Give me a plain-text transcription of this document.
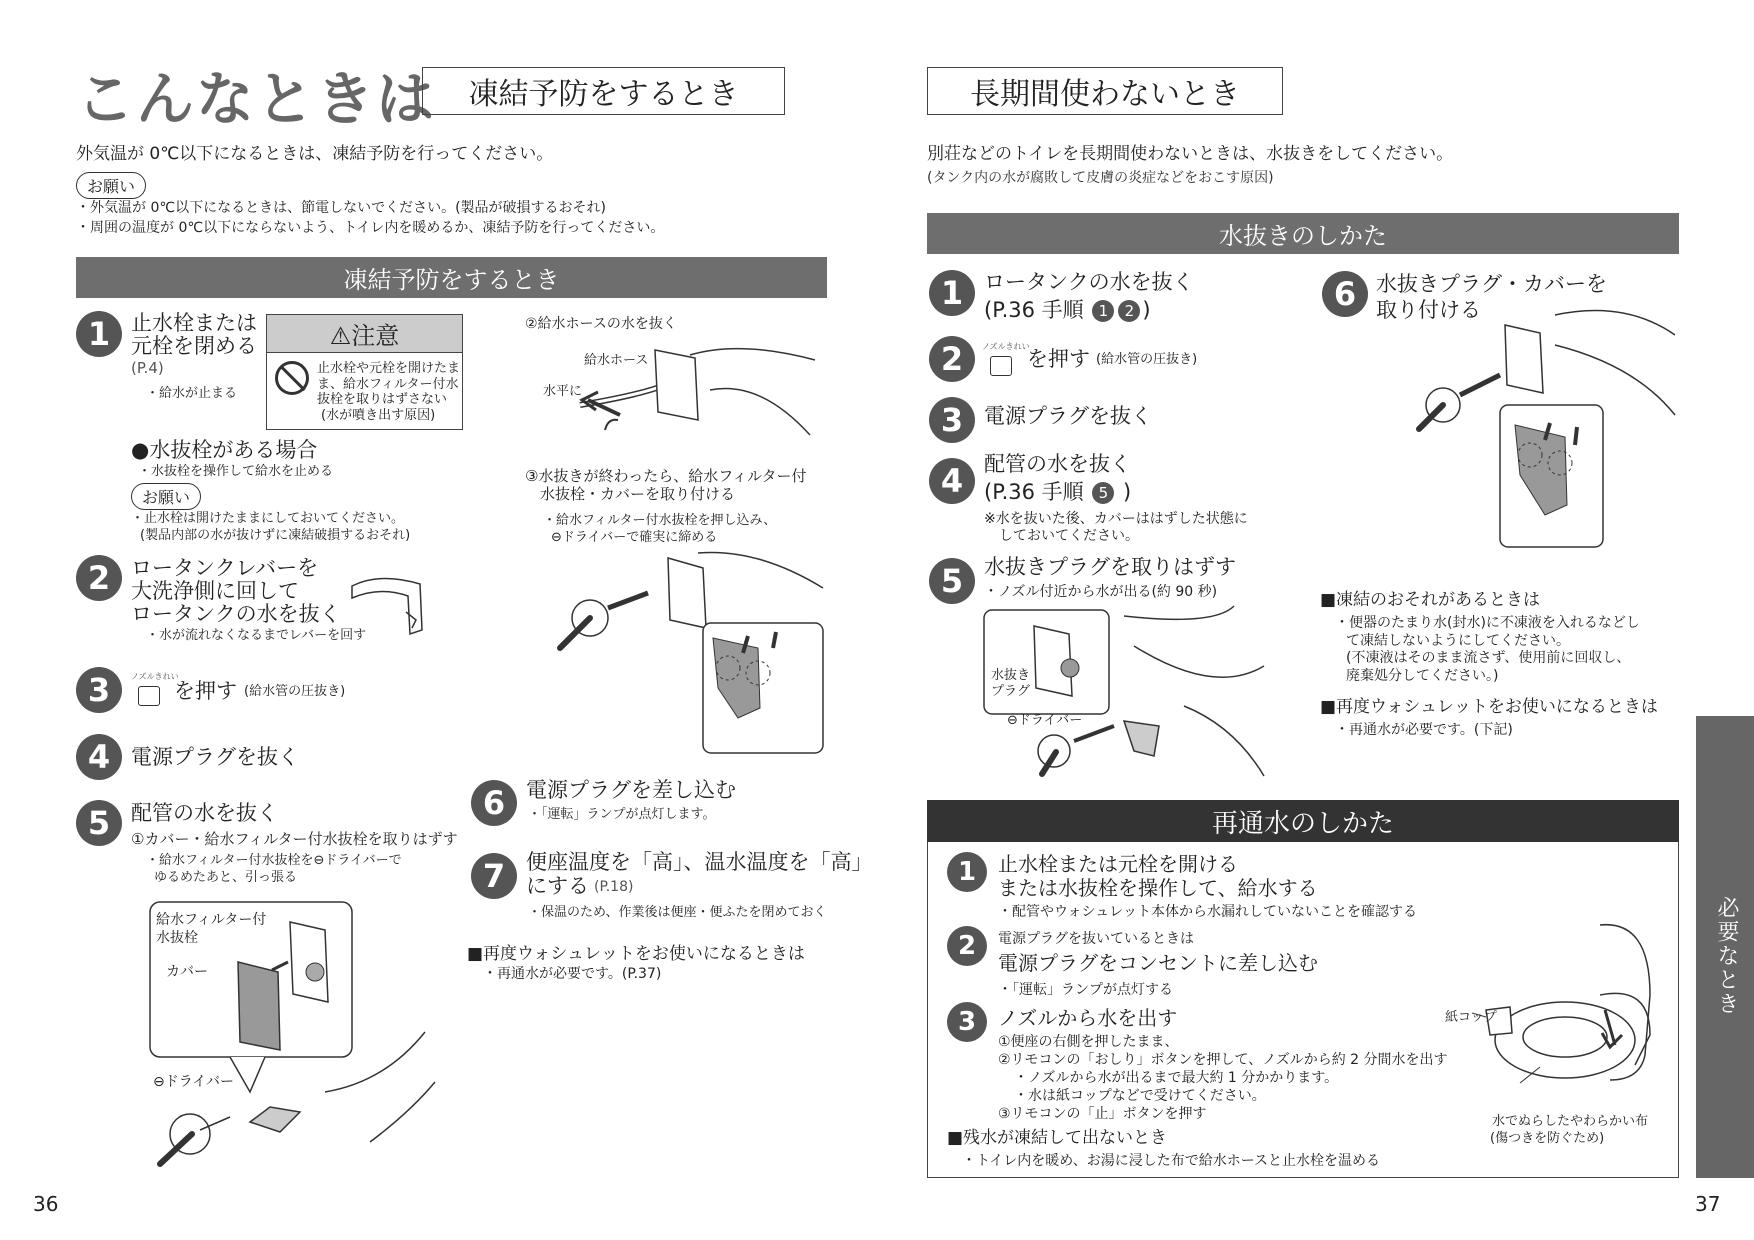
こんなときは	凍結予防をするとき
外気温が 0℃以下になるときは、凍結予防を行ってください。
お願い
・外気温が 0℃以下になるときは、節電しないでください。(製品が破損するおそれ)
・周囲の温度が 0℃以下にならないよう、トイレ内を暖めるか、凍結予防を行ってください。
凍結予防をするとき
1 止水栓または
元栓を閉める
(P.4)
・給水が止まる
⚠注意
止水栓や元栓を開けたま
ま、給水フィルター付水
抜栓を取りはずさない
(水が噴き出す原因)
●水抜栓がある場合
・水抜栓を操作して給水を止める
お願い
・止水栓は開けたままにしておいてください。
(製品内部の水が抜けずに凍結破損するおそれ)
2 ロータンクレバーを
大洗浄側に回して
ロータンクの水を抜く
・水が流れなくなるまでレバーを回す
3	ノズルきれい
を押す (給水管の圧抜き)
4 電源プラグを抜く
5 配管の水を抜く
①カバー・給水フィルター付水抜栓を取りはずす
・給水フィルター付水抜栓を⊖ドライバーで
ゆるめたあと、引っ張る
給水フィルター付
水抜栓
カバー
⊖ドライバー
②給水ホースの水を抜く
給水ホース
水平に
③水抜きが終わったら、給水フィルター付
水抜栓・カバーを取り付ける
・給水フィルター付水抜栓を押し込み、
⊖ドライバーで確実に締める
6 電源プラグを差し込む
・「運転」ランプが点灯します。
7 便座温度を「高」、温水温度を「高」
にする (P.18)
・保温のため、作業後は便座・便ふたを閉めておく
■再度ウォシュレットをお使いになるときは
・再通水が必要です。(P.37)
36
長期間使わないとき
別荘などのトイレを長期間使わないときは、水抜きをしてください。
(タンク内の水が腐敗して皮膚の炎症などをおこす原因)
水抜きのしかた
1 ロータンクの水を抜く
(P.36 手順 1 2 )
2	ノズルきれい
を押す (給水管の圧抜き)
3 電源プラグを抜く
4 配管の水を抜く
(P.36 手順 5 )
※水を抜いた後、カバーははずした状態に
しておいてください。
5 水抜きプラグを取りはずす
・ノズル付近から水が出る(約 90 秒)
水抜き
プラグ
⊖ドライバー
6 水抜きプラグ・カバーを
取り付ける
■凍結のおそれがあるときは
・便器のたまり水(封水)に不凍液を入れるなどし
て凍結しないようにしてください。
(不凍液はそのまま流さず、使用前に回収し、
廃棄処分してください。)
■再度ウォシュレットをお使いになるときは
・再通水が必要です。(下記)
再通水のしかた
1	止水栓または元栓を開ける
または水抜栓を操作して、給水する
・配管やウォシュレット本体から水漏れしていないことを確認する
2	電源プラグを抜いているときは
電源プラグをコンセントに差し込む
・「運転」ランプが点灯する
3	ノズルから水を出す
①便座の右側を押したまま、
②リモコンの「おしり」ボタンを押して、ノズルから約 2 分間水を出す
・ノズルから水が出るまで最大約 1 分かかります。
・水は紙コップなどで受けてください。
③リモコンの「止」ボタンを押す
紙コップ
水でぬらしたやわらかい布
(傷つきを防ぐため)
■残水が凍結して出ないとき
・トイレ内を暖め、お湯に浸した布で給水ホースと止水栓を温める
必要なとき
37
